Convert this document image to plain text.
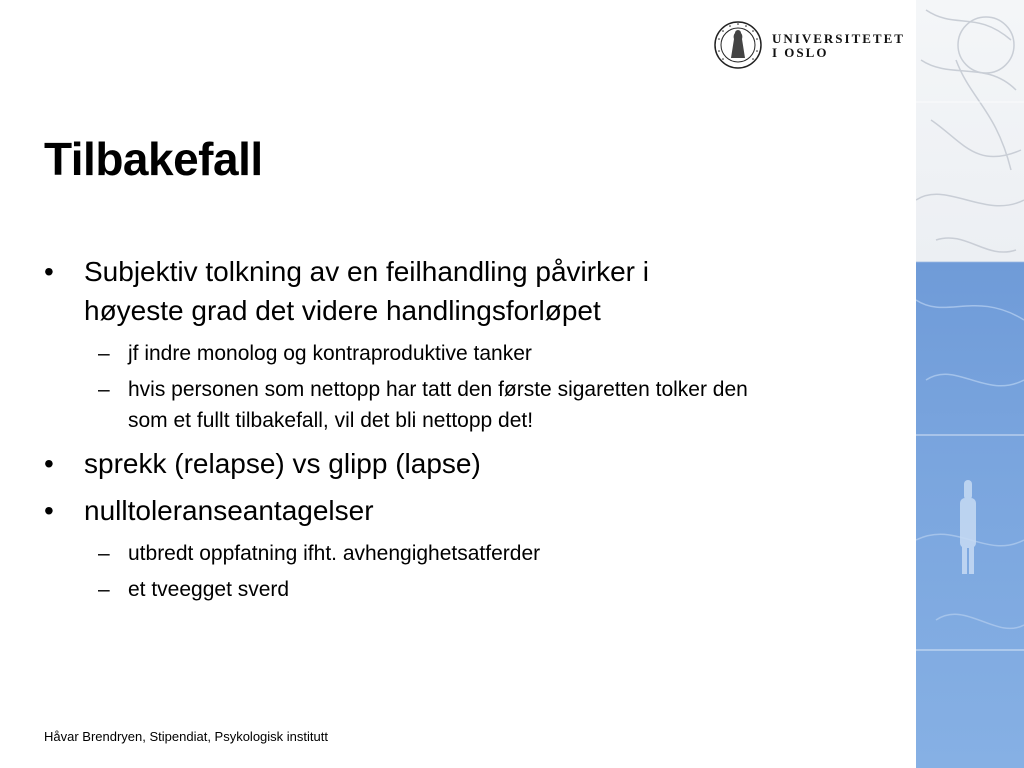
UNIVERSITETET
I OSLO
Tilbakefall
•	Subjektiv tolkning av en feilhandling påvirker i
høyeste grad det videre handlingsforløpet
– jf indre monolog og kontraproduktive tanker
– hvis personen som nettopp har tatt den første sigaretten tolker den
som et fullt tilbakefall, vil det bli nettopp det!
•	sprekk (relapse) vs glipp (lapse)
•	nulltoleranseantagelser
– utbredt oppfatning ifht. avhengighetsatferder
– et tveegget sverd
Håvar Brendryen, Stipendiat, Psykologisk institutt
